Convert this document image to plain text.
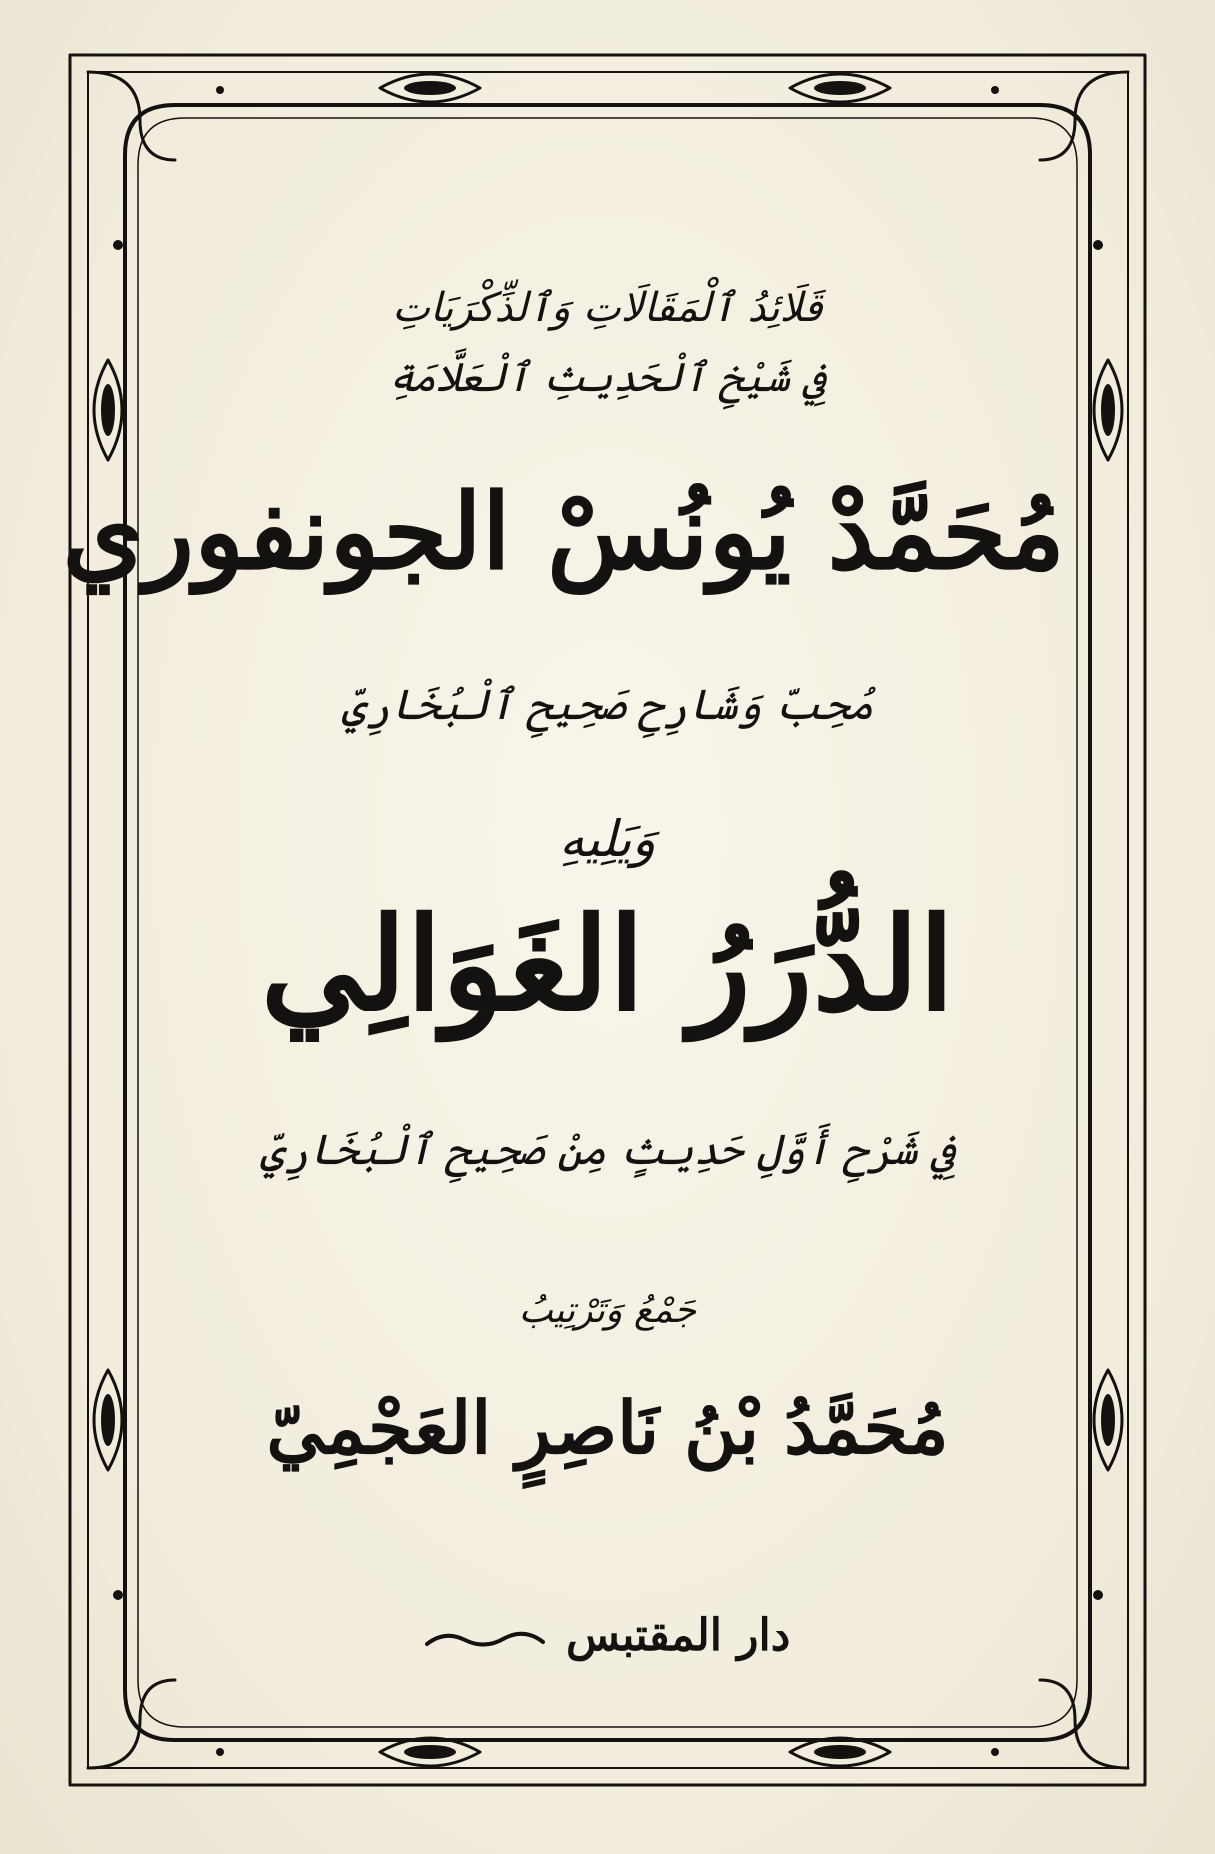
قَلَائِدُ ٱلْمَقَالَاتِ وَٱلذِّكْرَيَاتِ
فِي شَيْخِ ٱلْحَدِيثِ ٱلْعَلَّامَةِ
مُحَمَّدْ يُونُسْ الجونفوري
مُحِبّ وَشَارِحِ صَحِيحِ ٱلْبُخَارِيِّ
وَيَلِيهِ
الدُّرَرُ الغَوَالِي
فِي شَرْحِ أَوَّلِ حَدِيثٍ مِنْ صَحِيحِ ٱلْبُخَارِيِّ
جَمْعُ وَتَرْتِيبُ
مُحَمَّدُ بْنُ نَاصِرٍ العَجْمِيّ
دار المقتبس
